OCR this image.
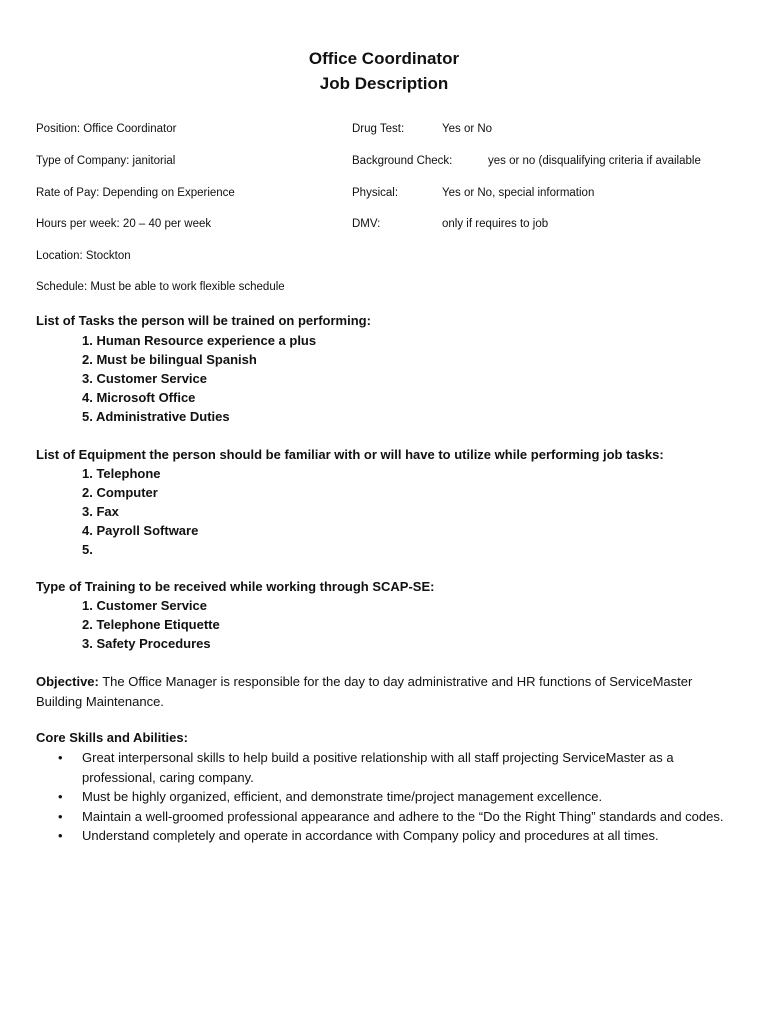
Office Coordinator
Job Description
Position: Office Coordinator
Type of Company: janitorial
Rate of Pay: Depending on Experience
Hours per week: 20 – 40 per week
Location: Stockton
Schedule: Must be able to work flexible schedule
Drug Test:	Yes or No
Background Check:	yes or no (disqualifying criteria if available
Physical:	Yes or No, special information
DMV:	only if requires to job
List of Tasks the person will be trained on performing:
1. Human Resource experience a plus
2. Must be bilingual Spanish
3. Customer Service
4. Microsoft Office
5. Administrative Duties
List of Equipment the person should be familiar with or will have to utilize while performing job tasks:
1. Telephone
2. Computer
3. Fax
4. Payroll Software
5.
Type of Training to be received while working through SCAP-SE:
1. Customer Service
2. Telephone Etiquette
3. Safety Procedures
Objective: The Office Manager is responsible for the day to day administrative and HR functions of ServiceMaster Building Maintenance.
Core Skills and Abilities:
• Great interpersonal skills to help build a positive relationship with all staff projecting ServiceMaster as a professional, caring company.
• Must be highly organized, efficient, and demonstrate time/project management excellence.
• Maintain a well-groomed professional appearance and adhere to the “Do the Right Thing” standards and codes.
• Understand completely and operate in accordance with Company policy and procedures at all times.
